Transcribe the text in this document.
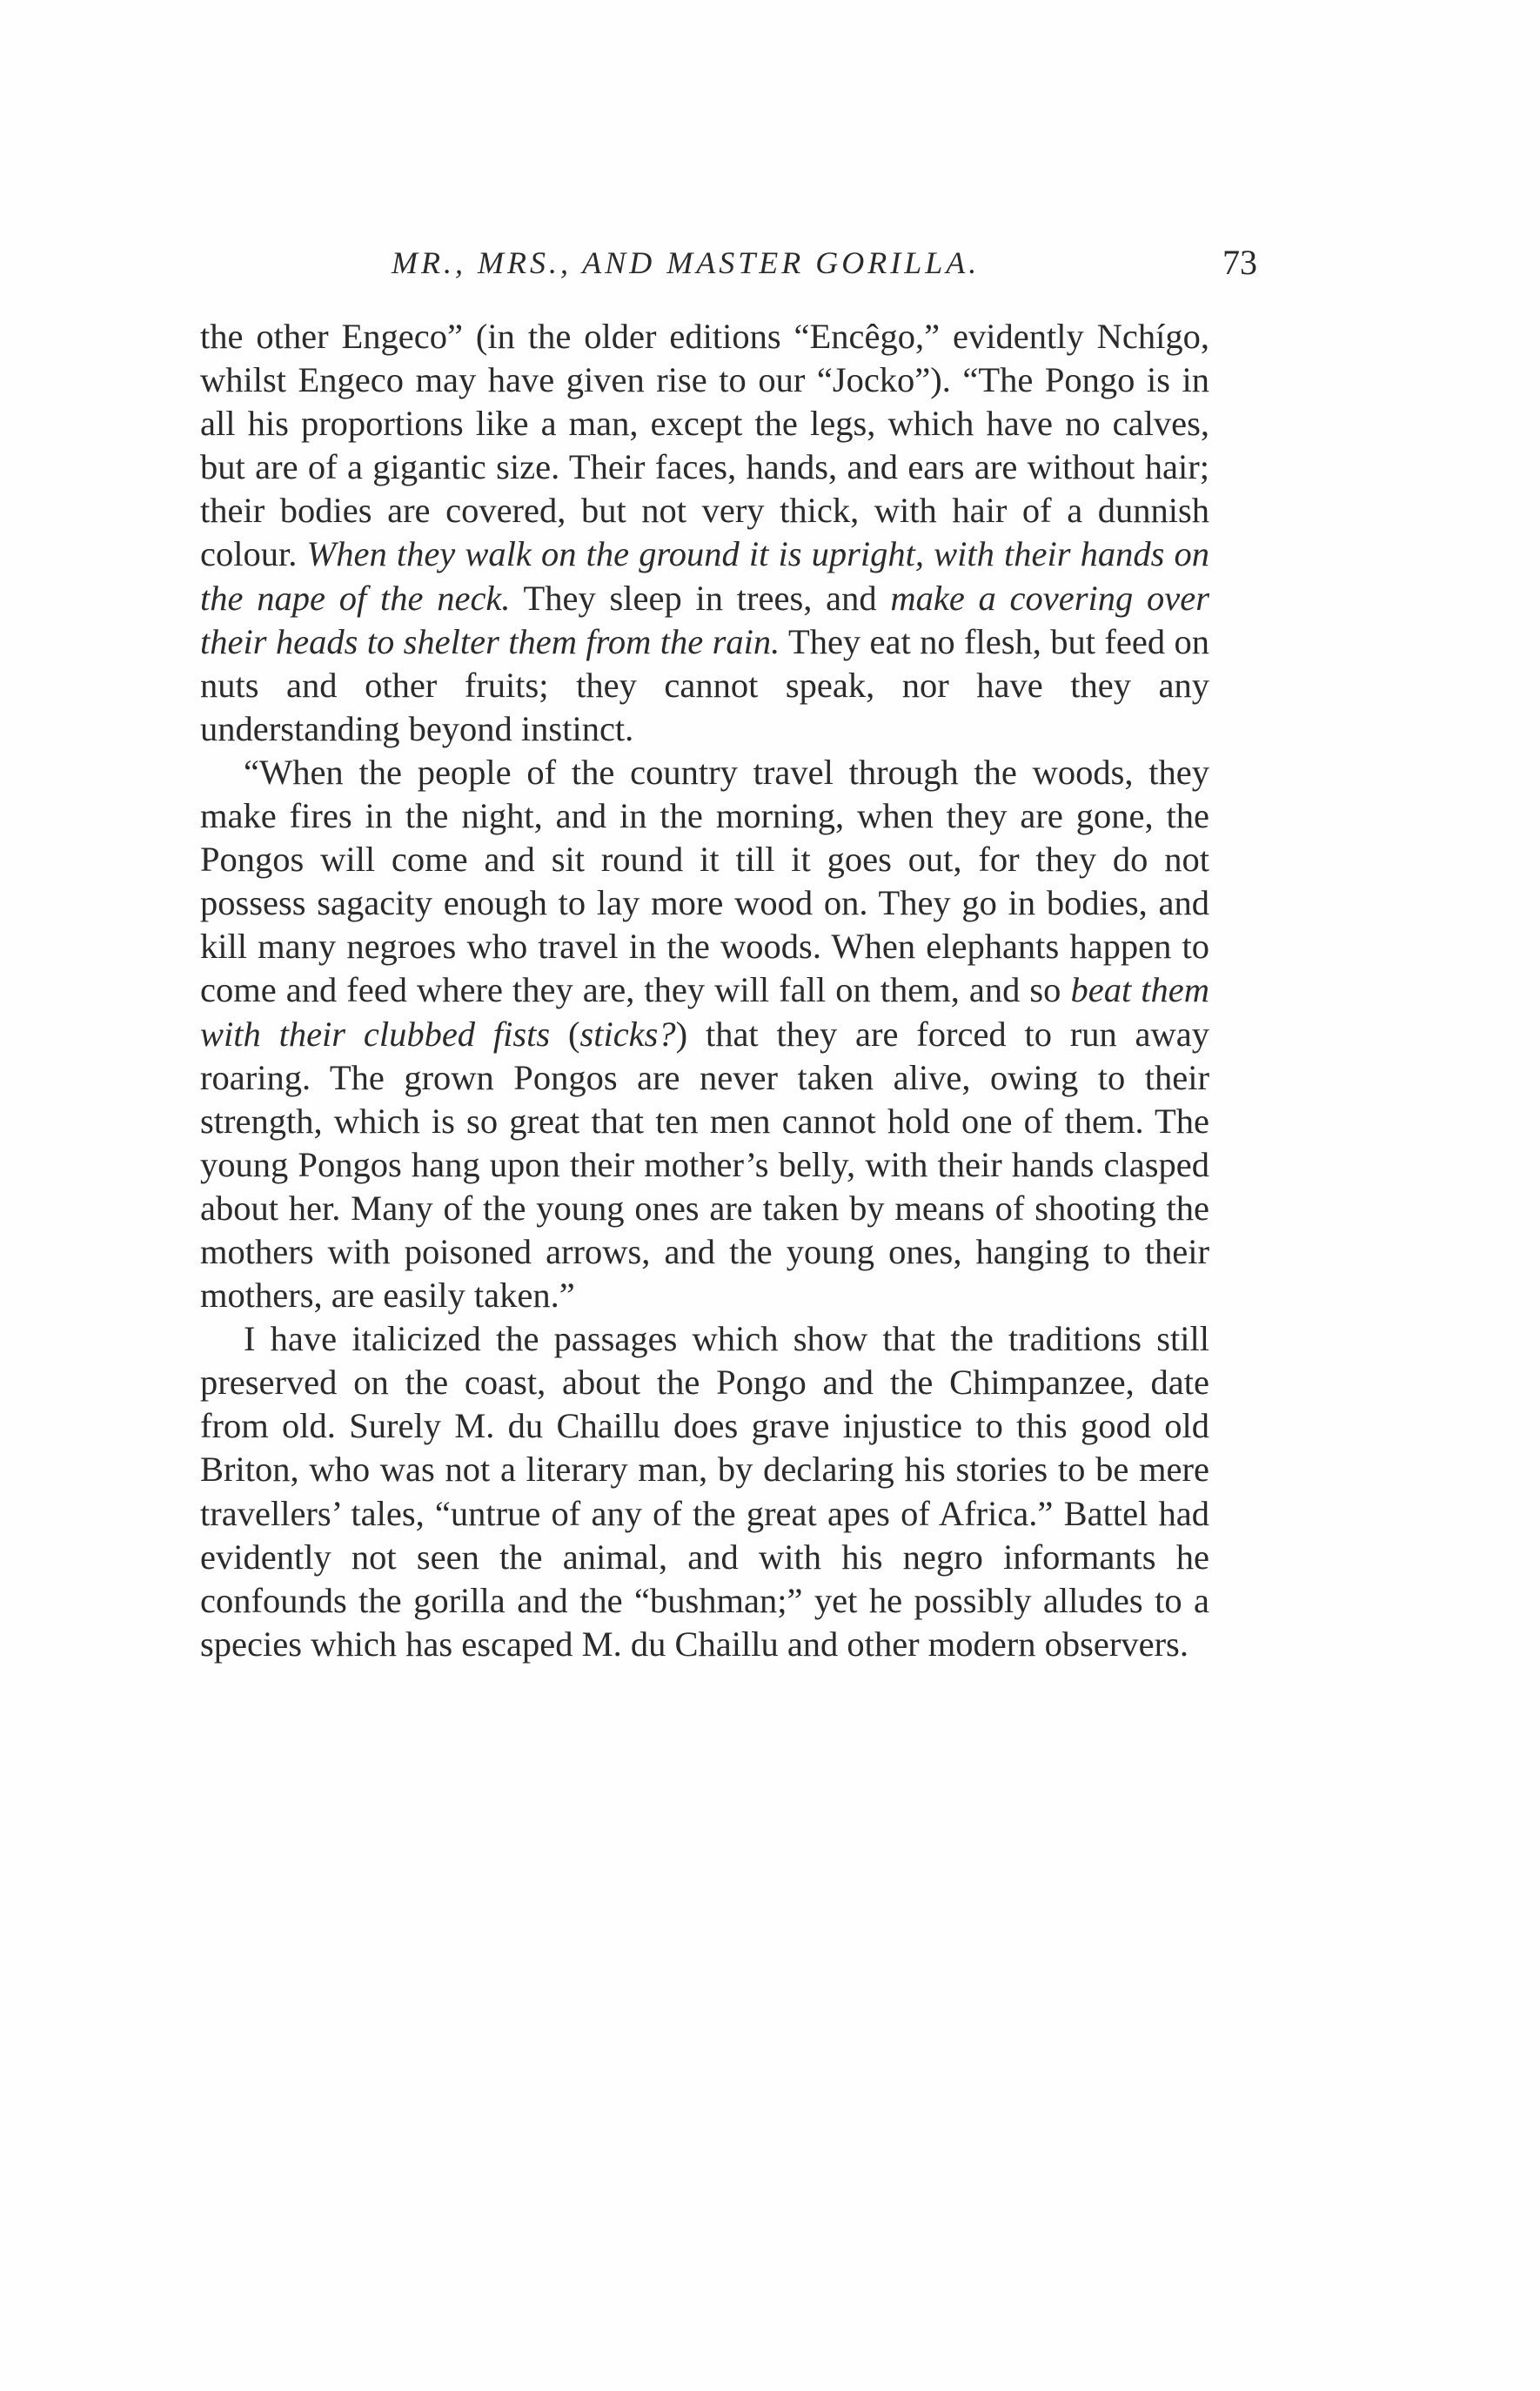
MR., MRS., AND MASTER GORILLA.	73

the other Engeco” (in the older editions “Encêgo,” evidently Nchígo, whilst Engeco may have given rise to our “Jocko”). “The Pongo is in all his proportions like a man, except the legs, which have no calves, but are of a gigantic size. Their faces, hands, and ears are without hair; their bodies are covered, but not very thick, with hair of a dunnish colour. When they walk on the ground it is upright, with their hands on the nape of the neck. They sleep in trees, and make a covering over their heads to shelter them from the rain. They eat no flesh, but feed on nuts and other fruits; they cannot speak, nor have they any understanding beyond instinct.

“When the people of the country travel through the woods, they make fires in the night, and in the morning, when they are gone, the Pongos will come and sit round it till it goes out, for they do not possess sagacity enough to lay more wood on. They go in bodies, and kill many negroes who travel in the woods. When elephants happen to come and feed where they are, they will fall on them, and so beat them with their clubbed fists (sticks?) that they are forced to run away roaring. The grown Pongos are never taken alive, owing to their strength, which is so great that ten men cannot hold one of them. The young Pongos hang upon their mother’s belly, with their hands clasped about her. Many of the young ones are taken by means of shooting the mothers with poisoned arrows, and the young ones, hanging to their mothers, are easily taken.”

I have italicized the passages which show that the traditions still preserved on the coast, about the Pongo and the Chimpanzee, date from old. Surely M. du Chaillu does grave injustice to this good old Briton, who was not a literary man, by declaring his stories to be mere travellers’ tales, “untrue of any of the great apes of Africa.” Battel had evidently not seen the animal, and with his negro informants he confounds the gorilla and the “bushman;” yet he possibly alludes to a species which has escaped M. du Chaillu and other modern observers.
